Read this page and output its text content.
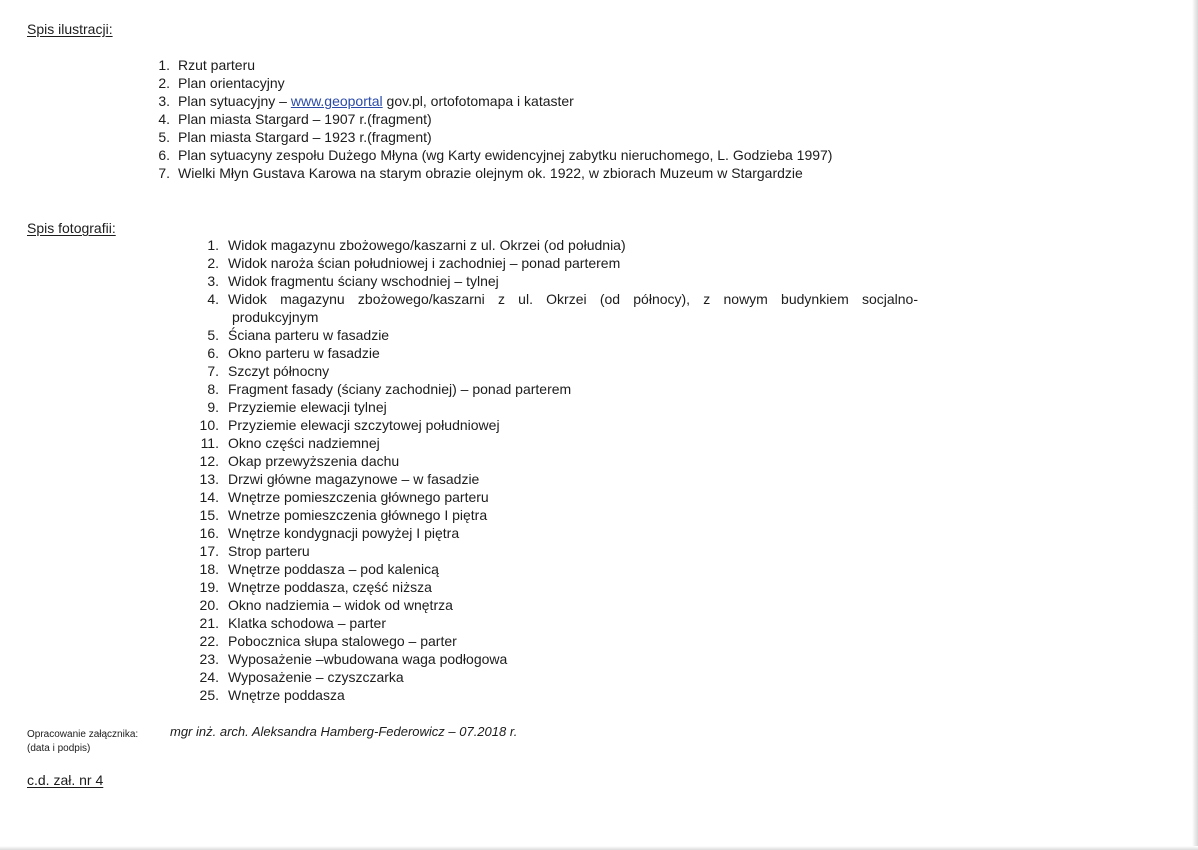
Spis ilustracji:
1. Rzut parteru
2. Plan orientacyjny
3. Plan sytuacyjny – www.geoportal gov.pl, ortofotomapa i kataster
4. Plan miasta Stargard – 1907 r.(fragment)
5. Plan miasta Stargard – 1923 r.(fragment)
6. Plan sytuacyny zespołu Dużego Młyna (wg Karty ewidencyjnej zabytku nieruchomego, L. Godzieba 1997)
7. Wielki Młyn Gustava Karowa na starym obrazie olejnym ok. 1922, w zbiorach Muzeum w Stargardzie
Spis fotografii:
1. Widok magazynu zbożowego/kaszarni z ul. Okrzei (od południa)
2. Widok naroża ścian południowej i zachodniej – ponad parterem
3. Widok fragmentu ściany wschodniej – tylnej
4. Widok magazynu zbożowego/kaszarni z ul. Okrzei (od północy), z nowym budynkiem socjalno-
produkcyjnym
5. Ściana parteru w fasadzie
6. Okno parteru w fasadzie
7. Szczyt północny
8. Fragment fasady (ściany zachodniej) – ponad parterem
9. Przyziemie elewacji tylnej
10. Przyziemie elewacji szczytowej południowej
11. Okno części nadziemnej
12. Okap przewyższenia dachu
13. Drzwi główne magazynowe – w fasadzie
14. Wnętrze pomieszczenia głównego parteru
15. Wnetrze pomieszczenia głównego I piętra
16. Wnętrze kondygnacji powyżej I piętra
17. Strop parteru
18. Wnętrze poddasza – pod kalenicą
19. Wnętrze poddasza, część niższa
20. Okno nadziemia – widok od wnętrza
21. Klatka schodowa – parter
22. Pobocznica słupa stalowego – parter
23. Wyposażenie –wbudowana waga podłogowa
24. Wyposażenie – czyszczarka
25. Wnętrze poddasza
Opracowanie załącznika:
(data i podpis)
mgr inż. arch. Aleksandra Hamberg-Federowicz – 07.2018 r.
c.d. zał. nr 4
